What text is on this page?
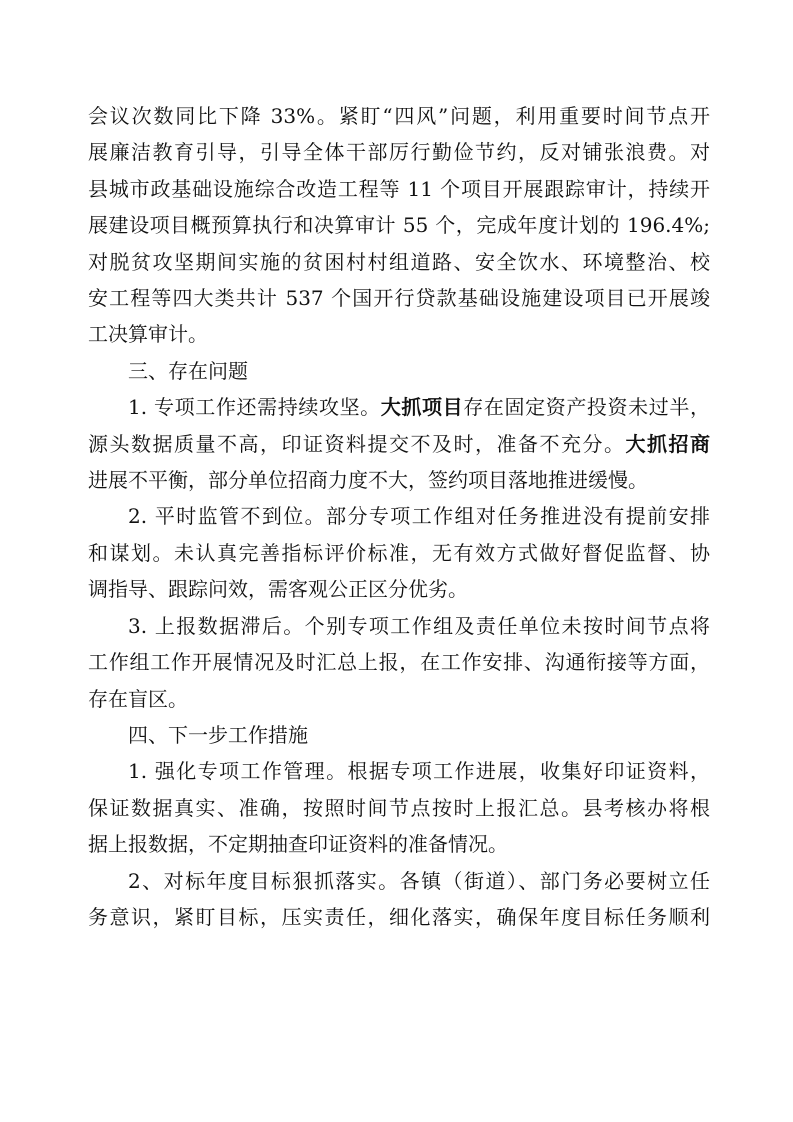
会议次数同比下降 33%。紧盯“四风”问题，利用重要时间节点开
展廉洁教育引导，引导全体干部厉行勤俭节约，反对铺张浪费。对
县城市政基础设施综合改造工程等 11 个项目开展跟踪审计，持续开
展建设项目概预算执行和决算审计 55 个，完成年度计划的 196.4%;
对脱贫攻坚期间实施的贫困村村组道路、安全饮水、环境整治、校
安工程等四大类共计 537 个国开行贷款基础设施建设项目已开展竣
工决算审计。
三、存在问题
1. 专项工作还需持续攻坚。大抓项目存在固定资产投资未过半，
源头数据质量不高，印证资料提交不及时，准备不充分。大抓招商
进展不平衡，部分单位招商力度不大，签约项目落地推进缓慢。
2. 平时监管不到位。部分专项工作组对任务推进没有提前安排
和谋划。未认真完善指标评价标准，无有效方式做好督促监督、协
调指导、跟踪问效，需客观公正区分优劣。
3. 上报数据滞后。个别专项工作组及责任单位未按时间节点将
工作组工作开展情况及时汇总上报，在工作安排、沟通衔接等方面，
存在盲区。
四、下一步工作措施
1. 强化专项工作管理。根据专项工作进展，收集好印证资料，
保证数据真实、准确，按照时间节点按时上报汇总。县考核办将根
据上报数据，不定期抽查印证资料的准备情况。
2、对标年度目标狠抓落实。各镇（街道）、部门务必要树立任
务意识，紧盯目标，压实责任，细化落实，确保年度目标任务顺利
